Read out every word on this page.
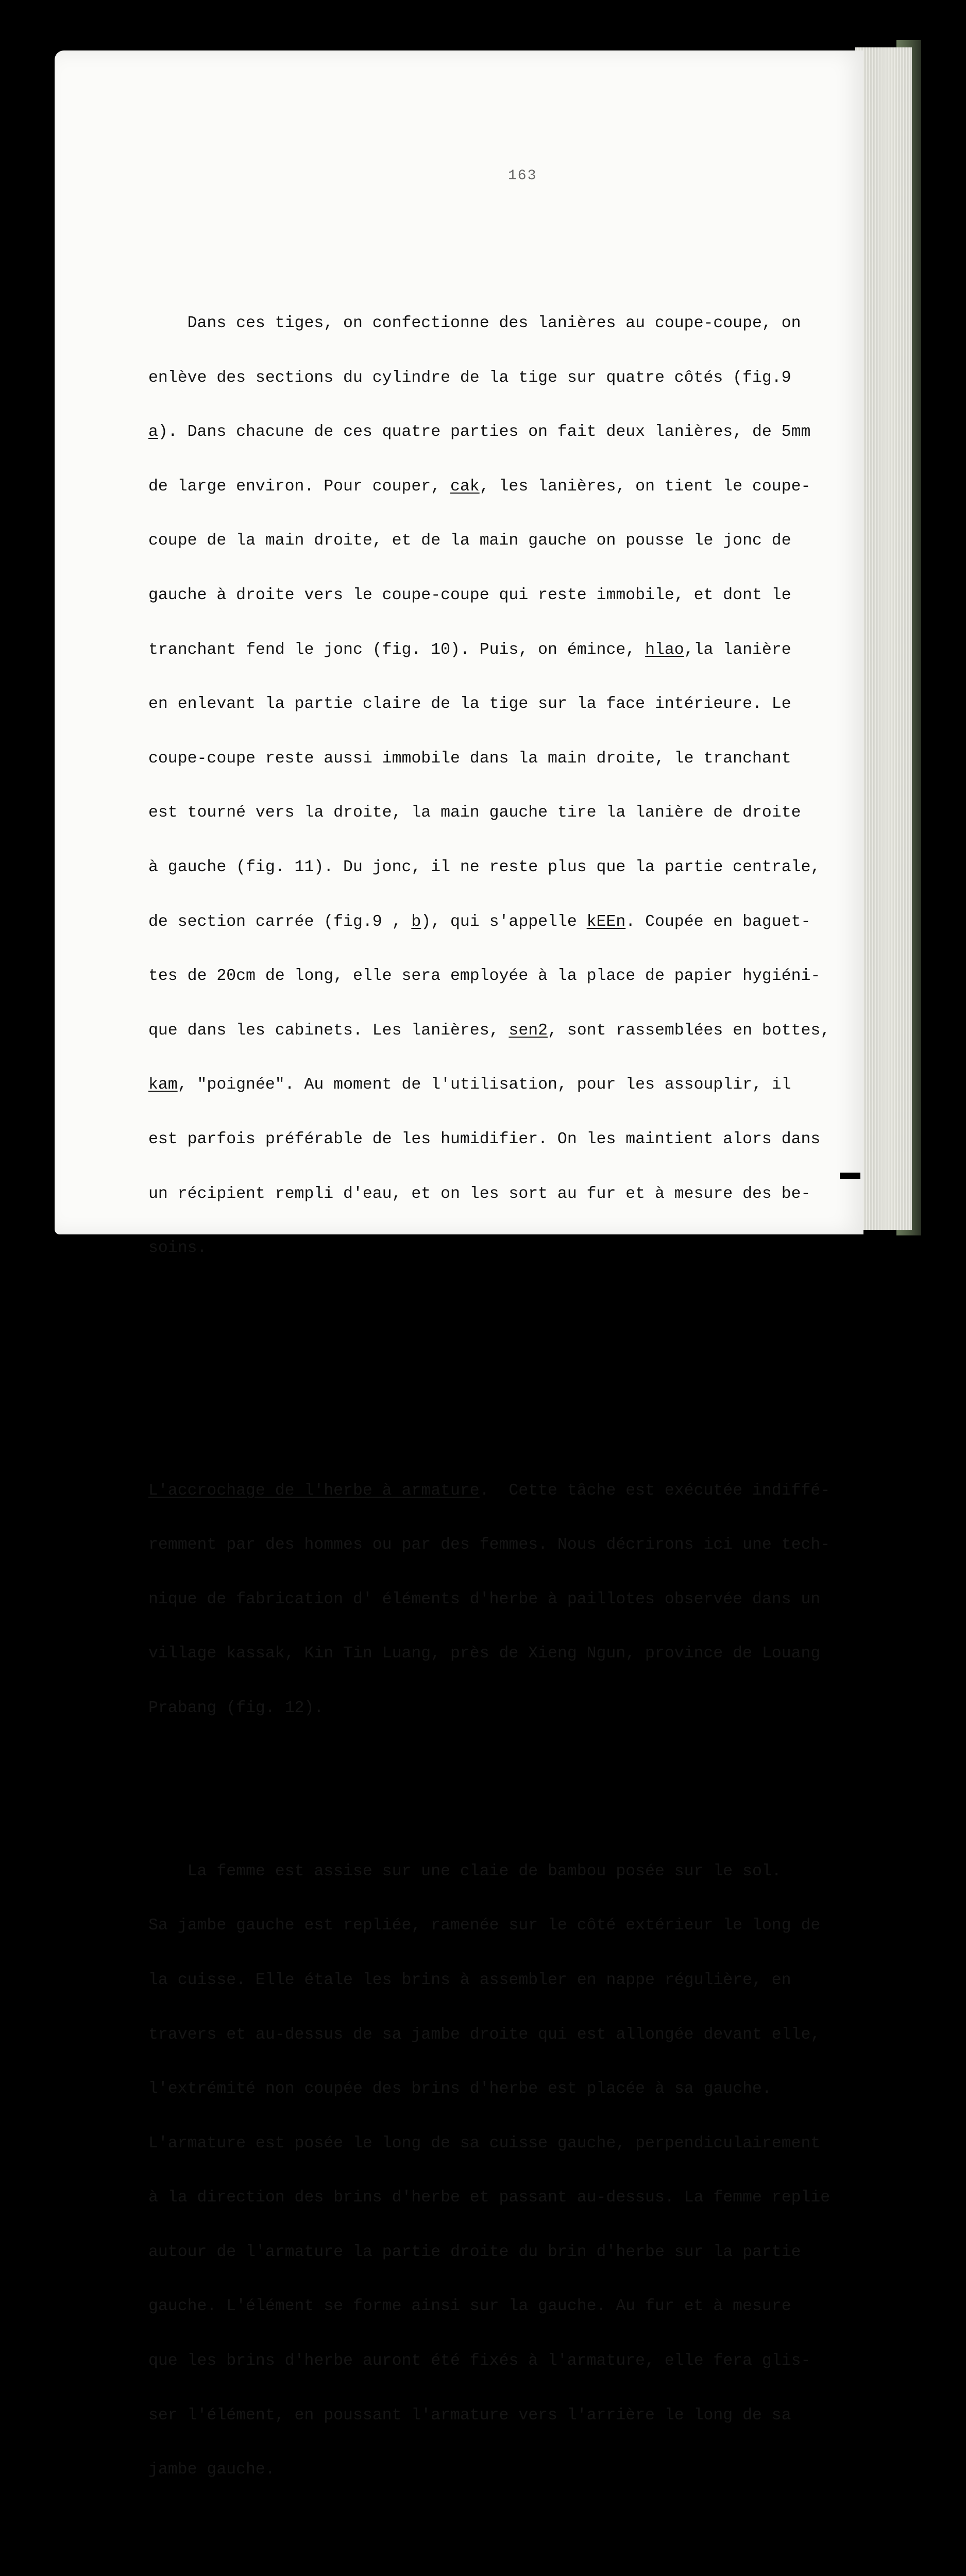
163

Dans ces tiges, on confectionne des lanières au coupe-coupe, on

enlève des sections du cylindre de la tige sur quatre côtés (fig.9

a). Dans chacune de ces quatre parties on fait deux lanières, de 5mm

de large environ. Pour couper, cak, les lanières, on tient le coupe-

coupe de la main droite, et de la main gauche on pousse le jonc de

gauche à droite vers le coupe-coupe qui reste immobile, et dont le

tranchant fend le jonc (fig. 10). Puis, on émince, hlao,la lanière

en enlevant la partie claire de la tige sur la face intérieure. Le

coupe-coupe reste aussi immobile dans la main droite, le tranchant

est tourné vers la droite, la main gauche tire la lanière de droite

à gauche (fig. 11). Du jonc, il ne reste plus que la partie centrale,

de section carrée (fig.9 , b), qui s'appelle kEEn. Coupée en baguet-

tes de 20cm de long, elle sera employée à la place de papier hygiéni-

que dans les cabinets. Les lanières, sen2, sont rassemblées en bottes,

kam, "poignée". Au moment de l'utilisation, pour les assouplir, il

est parfois préférable de les humidifier. On les maintient alors dans

un récipient rempli d'eau, et on les sort au fur et à mesure des be-

soins.

L'accrochage de l'herbe à armature.  Cette tâche est exécutée indiffé-

remment par des hommes ou par des femmes. Nous décrirons ici une tech-

nique de fabrication d' éléments d'herbe à paillotes observée dans un

village kassak, Kin Tin Luang, près de Xieng Ngun, province de Louang

Prabang (fig. 12).

La femme est assise sur une claie de bambou posée sur le sol.

Sa jambe gauche est repliée, ramenée sur le côté extérieur le long de

la cuisse. Elle étale les brins à assembler en nappe régulière, en

travers et au-dessus de sa jambe droite qui est allongée devant elle,

l'extrémité non coupée des brins d'herbe est placée à sa gauche.

L'armature est posée le long de sa cuisse gauche, perpendiculairement

à la direction des brins d'herbe et passant au-dessus. La femme replie

autour de l'armature la partie droite du brin d'herbe sur la partie

gauche. L'élément se forme ainsi sur la gauche. Au fur et à mesure

que les brins d'herbe auront été fixés à l'armature, elle fera glis-

ser l'élément, en poussant l'armature vers l'arrière le long de sa

jambe gauche.
